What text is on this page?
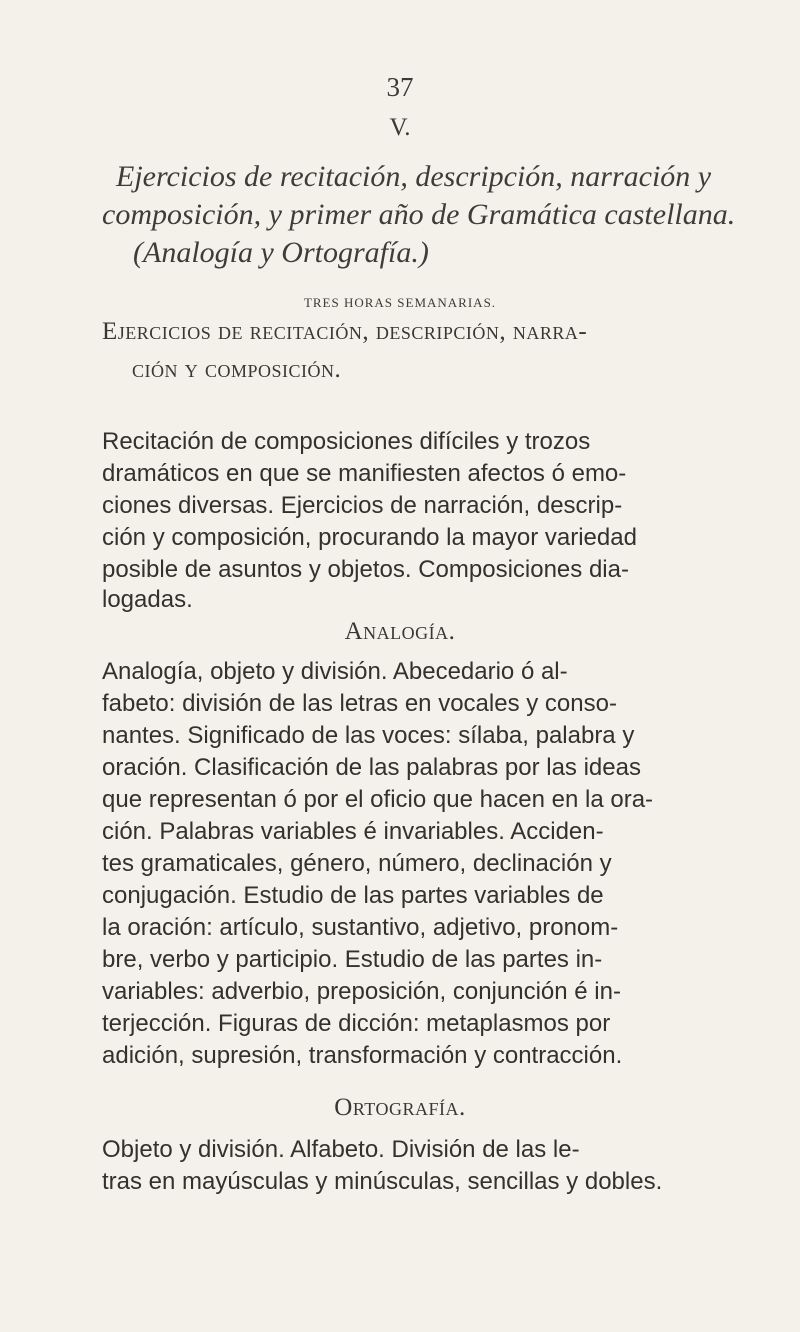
37
V.
Ejercicios de recitación, descripción, narración y
composición, y primer año de Gramática castellana.
(Analogía y Ortografía.)
TRES HORAS SEMANARIAS.
Ejercicios de recitación, descripción, narra-
ción y composición.
Recitación de composiciones difíciles y trozos
dramáticos en que se manifiesten afectos ó emo-
ciones diversas. Ejercicios de narración, descrip-
ción y composición, procurando la mayor variedad
posible de asuntos y objetos. Composiciones dia-
logadas.
Analogía.
Analogía, objeto y división. Abecedario ó al-
fabeto: división de las letras en vocales y conso-
nantes. Significado de las voces: sílaba, palabra y
oración. Clasificación de las palabras por las ideas
que representan ó por el oficio que hacen en la ora-
ción. Palabras variables é invariables. Acciden-
tes gramaticales, género, número, declinación y
conjugación. Estudio de las partes variables de
la oración: artículo, sustantivo, adjetivo, pronom-
bre, verbo y participio. Estudio de las partes in-
variables: adverbio, preposición, conjunción é in-
terjección. Figuras de dicción: metaplasmos por
adición, supresión, transformación y contracción.
Ortografía.
Objeto y división. Alfabeto. División de las le-
tras en mayúsculas y minúsculas, sencillas y dobles.
